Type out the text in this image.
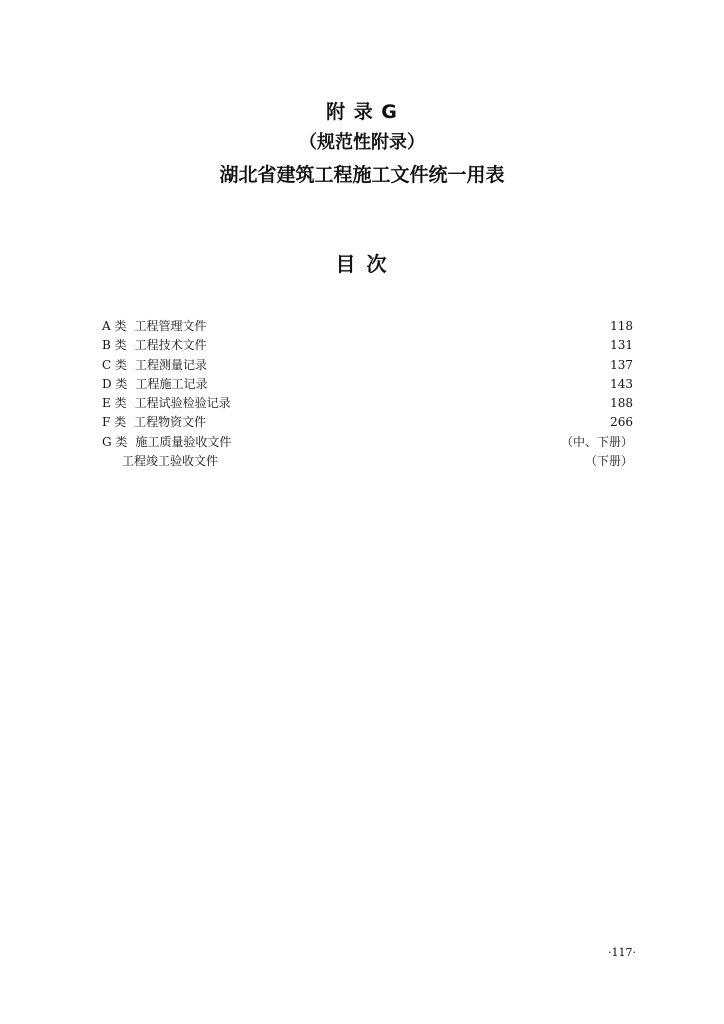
附 录 G
（规范性附录）
湖北省建筑工程施工文件统一用表
目 次
A 类 工程管理文件	118
B 类 工程技术文件	131
C 类 工程测量记录	137
D 类 工程施工记录	143
E 类 工程试验检验记录	188
F 类 工程物资文件	266
G 类 施工质量验收文件	（中、下册）
工程竣工验收文件	（下册）
·117·
